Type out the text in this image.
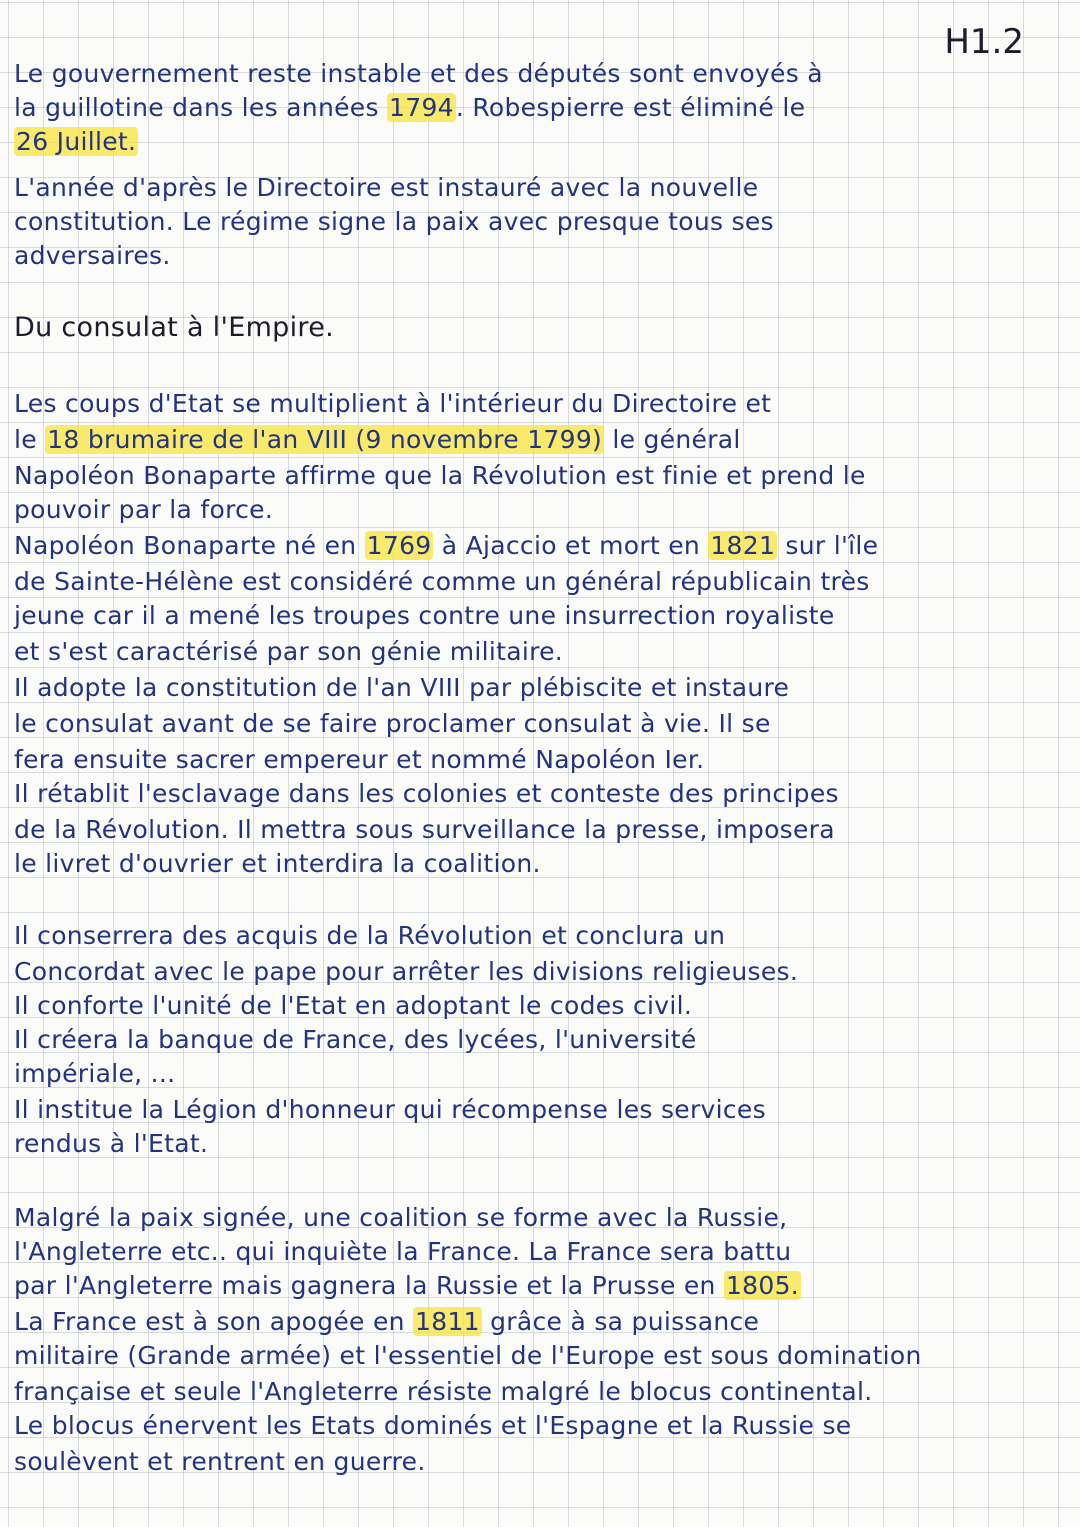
H1.2
Du consulat à l'Empire.
Le gouvernement reste instable et des députés sont envoyés à
la guillotine dans les années 1794. Robespierre est éliminé le
26 Juillet.
L'année d'après le Directoire est instauré avec la nouvelle
constitution. Le régime signe la paix avec presque tous ses
adversaires.
Les coups d'Etat se multiplient à l'intérieur du Directoire et
le 18 brumaire de l'an VIII (9 novembre 1799) le général
Napoléon Bonaparte affirme que la Révolution est finie et prend le
pouvoir par la force.
Napoléon Bonaparte né en 1769 à Ajaccio et mort en 1821 sur l'île
de Sainte-Hélène est considéré comme un général républicain très
jeune car il a mené les troupes contre une insurrection royaliste
et s'est caractérisé par son génie militaire.
Il adopte la constitution de l'an VIII par plébiscite et instaure
le consulat avant de se faire proclamer consulat à vie. Il se
fera ensuite sacrer empereur et nommé Napoléon Ier.
Il rétablit l'esclavage dans les colonies et conteste des principes
de la Révolution. Il mettra sous surveillance la presse, imposera
le livret d'ouvrier et interdira la coalition.
Il conserrera des acquis de la Révolution et conclura un
Concordat avec le pape pour arrêter les divisions religieuses.
Il conforte l'unité de l'Etat en adoptant le codes civil.
Il créera la banque de France, des lycées, l'université
impériale, ...
Il institue la Légion d'honneur qui récompense les services
rendus à l'Etat.
Malgré la paix signée, une coalition se forme avec la Russie,
l'Angleterre etc.. qui inquiète la France. La France sera battu
par l'Angleterre mais gagnera la Russie et la Prusse en 1805.
La France est à son apogée en 1811 grâce à sa puissance
militaire (Grande armée) et l'essentiel de l'Europe est sous domination
française et seule l'Angleterre résiste malgré le blocus continental.
Le blocus énervent les Etats dominés et l'Espagne et la Russie se
soulèvent et rentrent en guerre.
